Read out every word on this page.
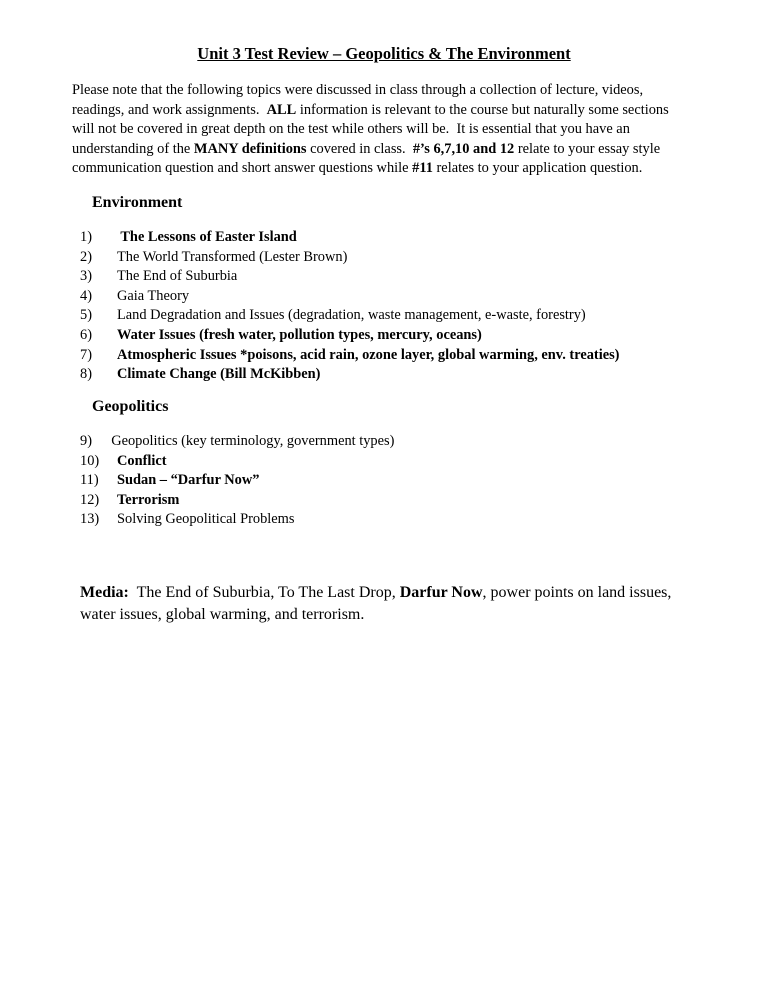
Unit 3 Test Review – Geopolitics & The Environment

Please note that the following topics were discussed in class through a collection of lecture, videos,

readings, and work assignments.  ALL information is relevant to the course but naturally some sections

will not be covered in great depth on the test while others will be.  It is essential that you have an

understanding of the MANY definitions covered in class.  #’s 6,7,10 and 12 relate to your essay style

communication question and short answer questions while #11 relates to your application question.

Environment
1) The Lessons of Easter Island
2) The World Transformed (Lester Brown)
3) The End of Suburbia
4) Gaia Theory
5) Land Degradation and Issues (degradation, waste management, e-waste, forestry)
6) Water Issues (fresh water, pollution types, mercury, oceans)
7) Atmospheric Issues *poisons, acid rain, ozone layer, global warming, env. treaties)
8) Climate Change (Bill McKibben)
Geopolitics
9)  Geopolitics (key terminology, government types)
10) Conflict
11) Sudan – “Darfur Now”
12) Terrorism
13) Solving Geopolitical Problems

Media:  The End of Suburbia, To The Last Drop, Darfur Now, power points on land issues,

water issues, global warming, and terrorism.
